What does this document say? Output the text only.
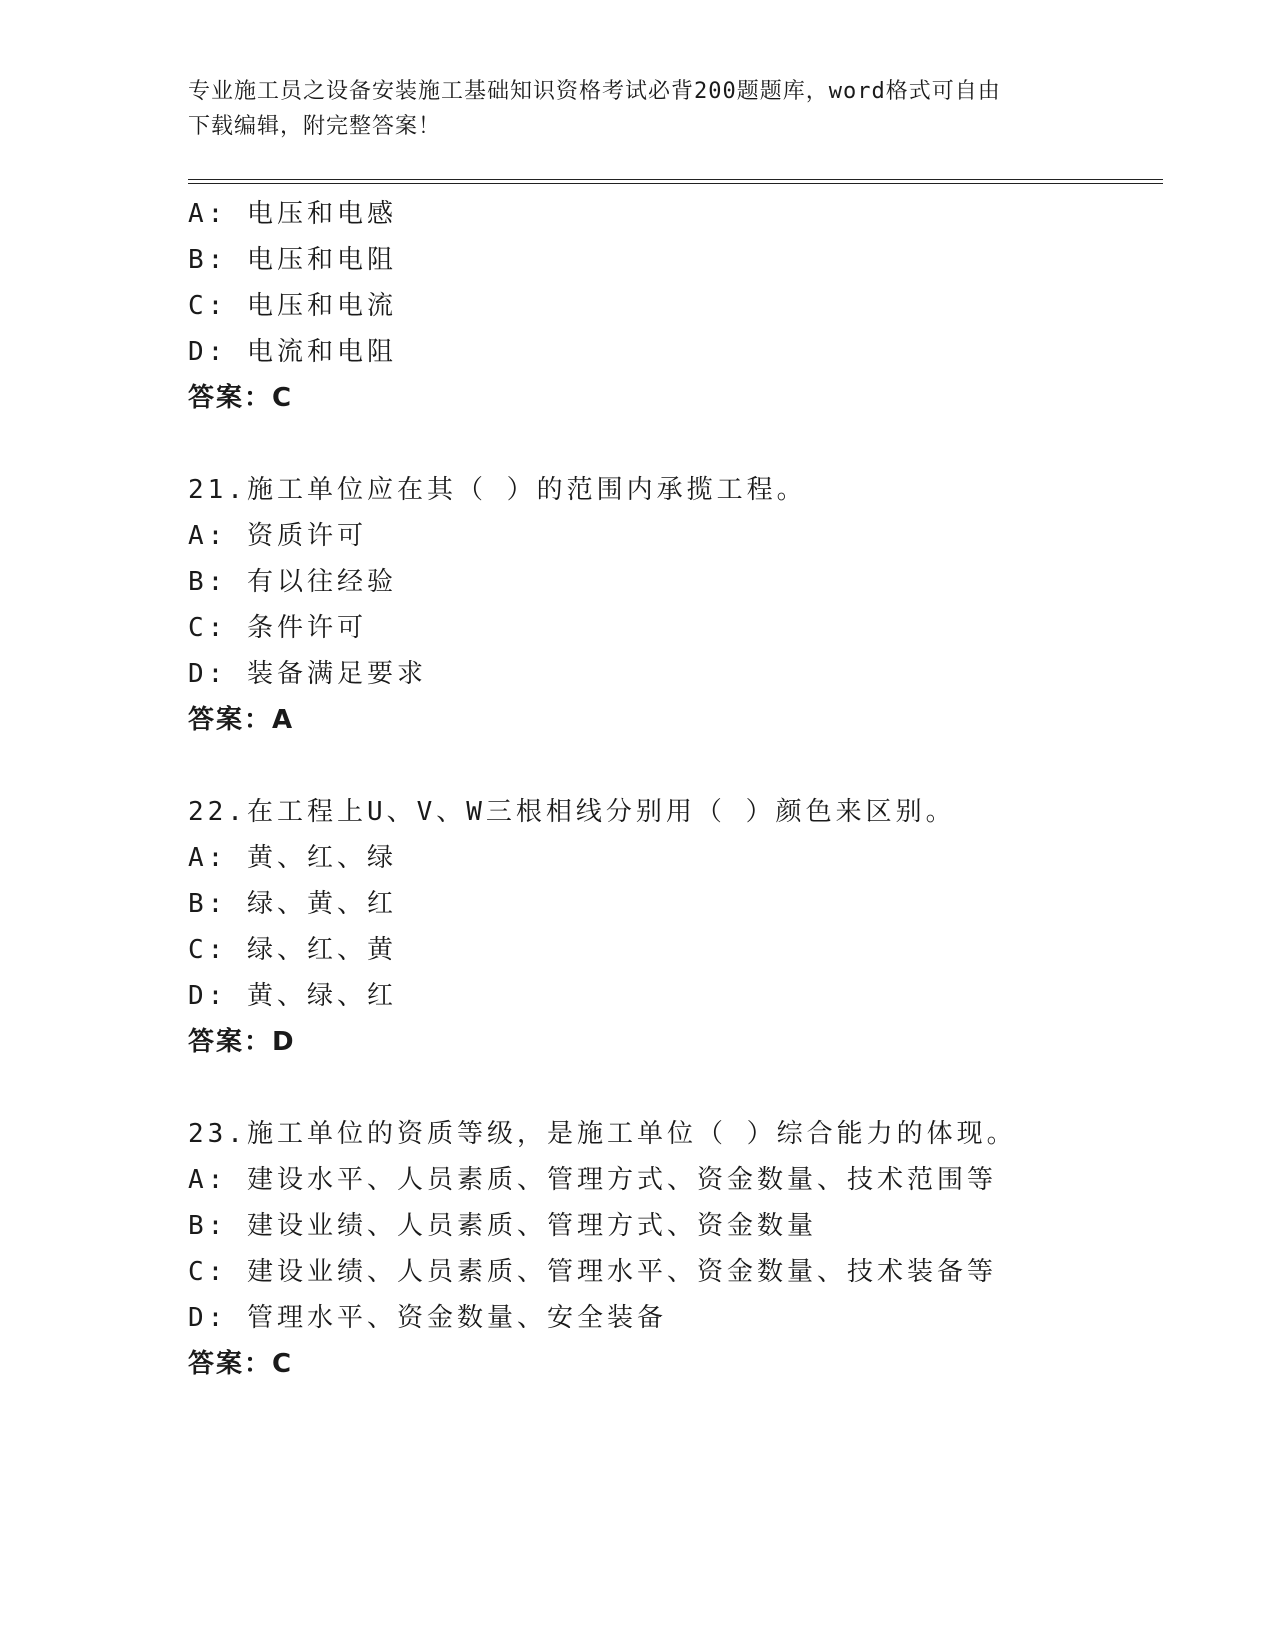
专业施工员之设备安装施工基础知识资格考试必背200题题库，word格式可自由
下载编辑，附完整答案！
A: 电压和电感
B: 电压和电阻
C: 电压和电流
D: 电流和电阻
答案：C
21.施工单位应在其（ ）的范围内承揽工程。
A: 资质许可
B: 有以往经验
C: 条件许可
D: 装备满足要求
答案：A
22.在工程上U、V、W三根相线分别用（ ）颜色来区别。
A: 黄、红、绿
B: 绿、黄、红
C: 绿、红、黄
D: 黄、绿、红
答案：D
23.施工单位的资质等级，是施工单位（ ）综合能力的体现。
A: 建设水平、人员素质、管理方式、资金数量、技术范围等
B: 建设业绩、人员素质、管理方式、资金数量
C: 建设业绩、人员素质、管理水平、资金数量、技术装备等
D: 管理水平、资金数量、安全装备
答案：C
